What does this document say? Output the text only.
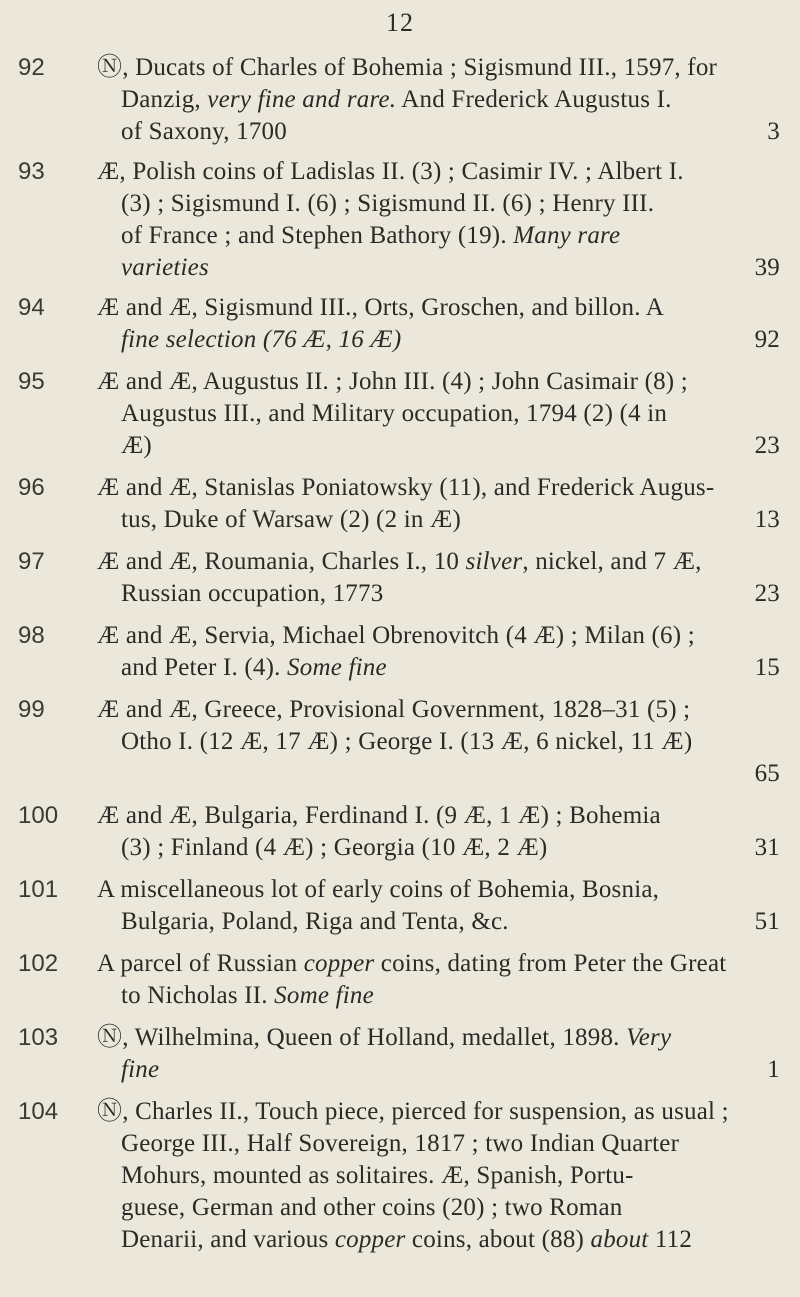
12
92	Ⓝ, Ducats of Charles of Bohemia ; Sigismund III., 1597, for
Danzig, very fine and rare. And Frederick Augustus I.
of Saxony, 1700	3
93	Æ, Polish coins of Ladislas II. (3) ; Casimir IV. ; Albert I.
(3) ; Sigismund I. (6) ; Sigismund II. (6) ; Henry III.
of France ; and Stephen Bathory (19). Many rare
varieties	39
94	Æ and Æ, Sigismund III., Orts, Groschen, and billon. A
fine selection (76 Æ, 16 Æ)	92
95	Æ and Æ, Augustus II. ; John III. (4) ; John Casimair (8) ;
Augustus III., and Military occupation, 1794 (2) (4 in
Æ)	23
96	Æ and Æ, Stanislas Poniatowsky (11), and Frederick Augus-
tus, Duke of Warsaw (2) (2 in Æ)	13
97	Æ and Æ, Roumania, Charles I., 10 silver, nickel, and 7 Æ,
Russian occupation, 1773	23
98	Æ and Æ, Servia, Michael Obrenovitch (4 Æ) ; Milan (6) ;
and Peter I. (4). Some fine	15
99	Æ and Æ, Greece, Provisional Government, 1828–31 (5) ;
Otho I. (12 Æ, 17 Æ) ; George I. (13 Æ, 6 nickel, 11 Æ)
65
100	Æ and Æ, Bulgaria, Ferdinand I. (9 Æ, 1 Æ) ; Bohemia
(3) ; Finland (4 Æ) ; Georgia (10 Æ, 2 Æ)	31
101	A miscellaneous lot of early coins of Bohemia, Bosnia,
Bulgaria, Poland, Riga and Tenta, &c.	51
102	A parcel of Russian copper coins, dating from Peter the Great
to Nicholas II. Some fine
103	Ⓝ, Wilhelmina, Queen of Holland, medallet, 1898. Very
fine	1
104	Ⓝ, Charles II., Touch piece, pierced for suspension, as usual ;
George III., Half Sovereign, 1817 ; two Indian Quarter
Mohurs, mounted as solitaires. Æ, Spanish, Portu-
guese, German and other coins (20) ; two Roman
Denarii, and various copper coins, about (88) about 112
